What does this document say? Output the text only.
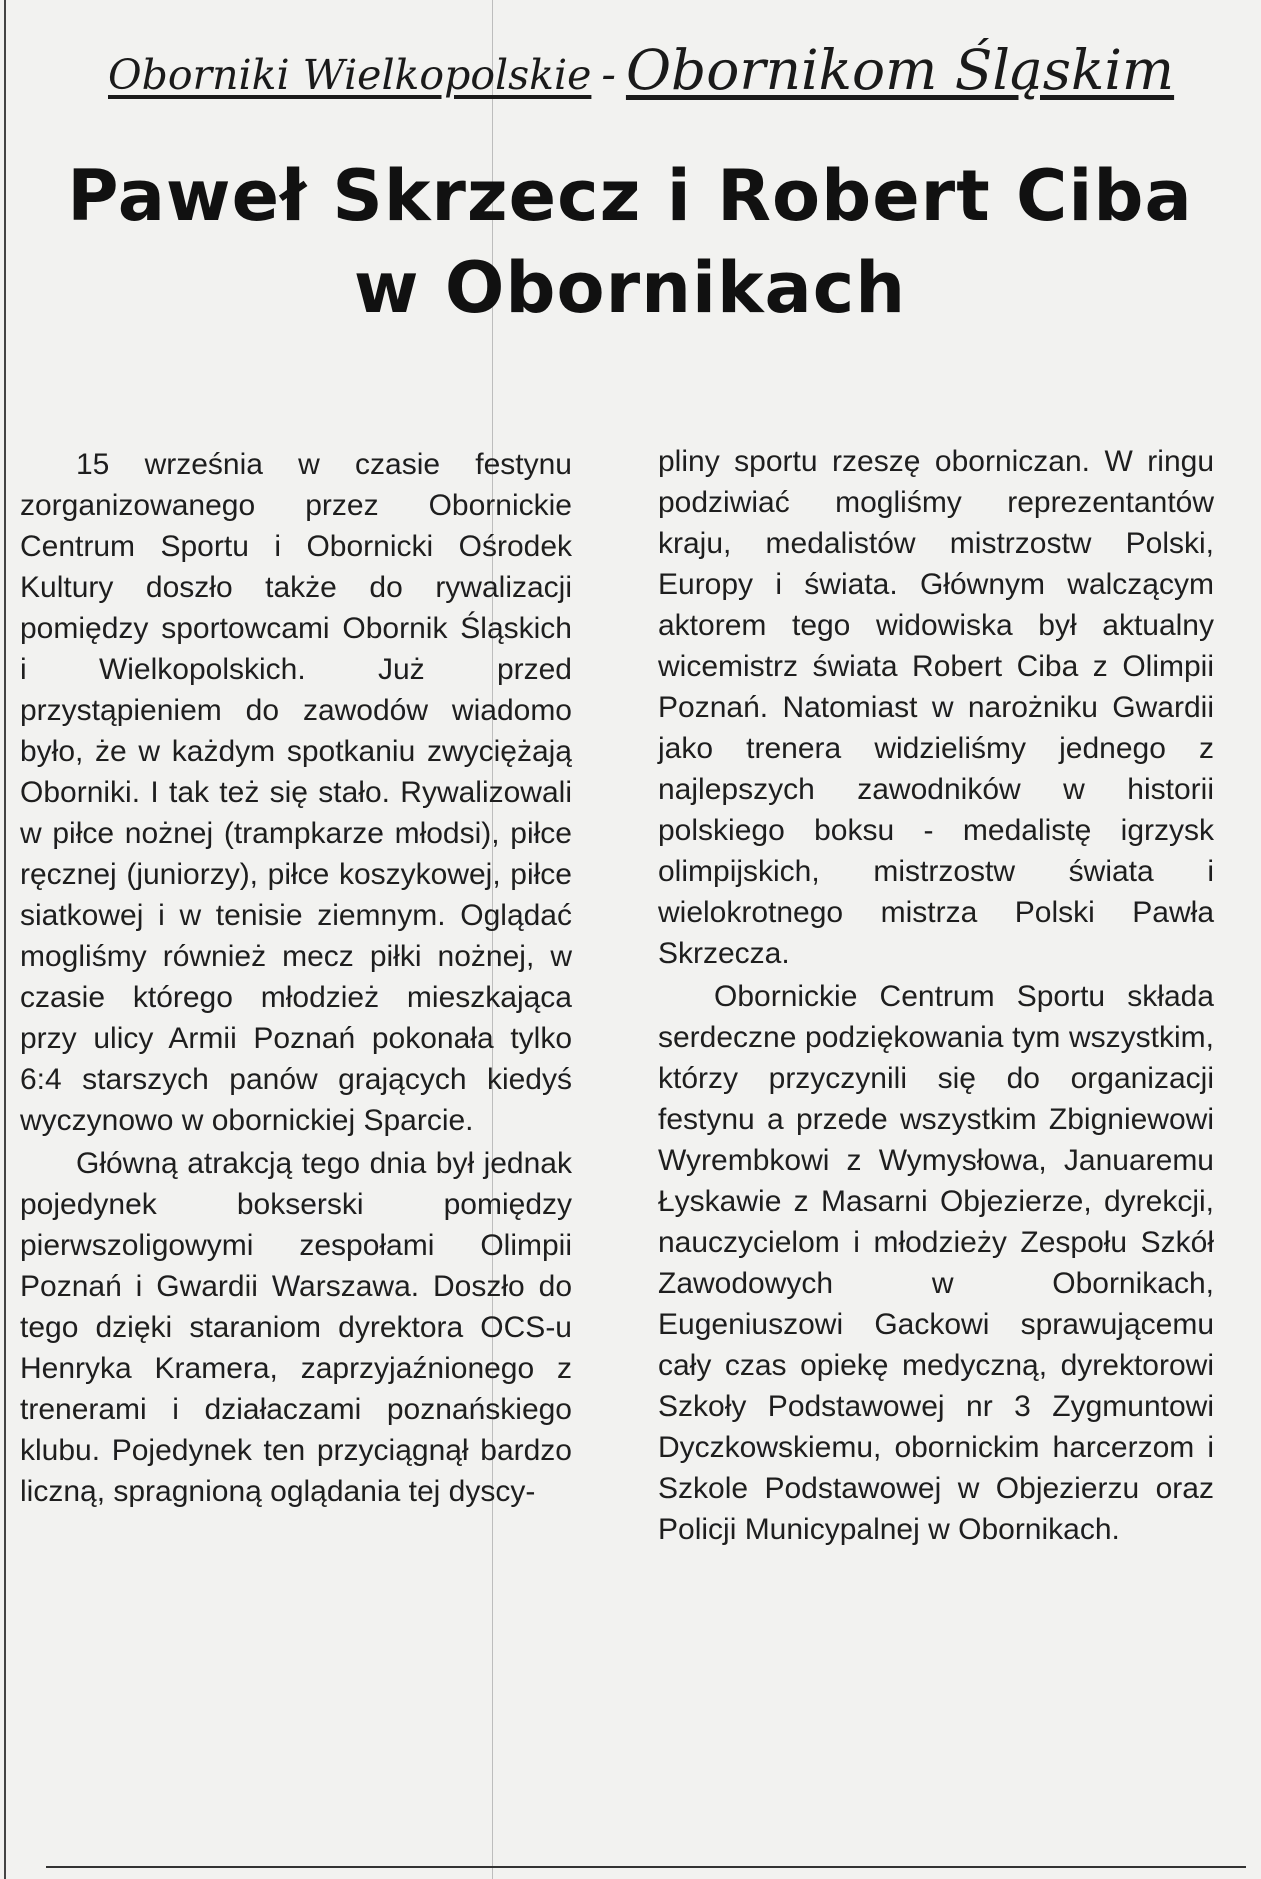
Oborniki Wielkopolskie - Obornikom Śląskim
Paweł Skrzecz i Robert Ciba
w Obornikach

15 września w czasie festynu zorganizowanego przez Obornickie Centrum Sportu i Obornicki Ośrodek Kultury doszło także do rywalizacji pomiędzy sportowcami Obornik Śląskich i Wielkopolskich. Już przed przystąpieniem do zawodów wiadomo było, że w każdym spotkaniu zwyciężają Oborniki. I tak też się stało. Rywalizowali w piłce nożnej (trampkarze młodsi), piłce ręcznej (juniorzy), piłce koszykowej, piłce siatkowej i w tenisie ziemnym. Oglądać mogliśmy również mecz piłki nożnej, w czasie którego młodzież mieszkająca przy ulicy Armii Poznań pokonała tylko 6:4 starszych panów grających kiedyś wyczynowo w obornickiej Sparcie.

Główną atrakcją tego dnia był jednak pojedynek bokserski pomiędzy pierwszoligowymi zespołami Olimpii Poznań i Gwardii Warszawa. Doszło do tego dzięki staraniom dyrektora OCS-u Henryka Kramera, zaprzyjaźnionego z trenerami i działaczami poznańskiego klubu. Pojedynek ten przyciągnął bardzo liczną, spragnioną oglądania tej dyscy-

pliny sportu rzeszę oborniczan. W ringu podziwiać mogliśmy reprezentantów kraju, medalistów mistrzostw Polski, Europy i świata. Głównym walczącym aktorem tego widowiska był aktualny wicemistrz świata Robert Ciba z Olimpii Poznań. Natomiast w narożniku Gwardii jako trenera widzieliśmy jednego z najlepszych zawodników w historii polskiego boksu - medalistę igrzysk olimpijskich, mistrzostw świata i wielokrotnego mistrza Polski Pawła Skrzecza.

Obornickie Centrum Sportu składa serdeczne podziękowania tym wszystkim, którzy przyczynili się do organizacji festynu a przede wszystkim Zbigniewowi Wyrembkowi z Wymysłowa, Januaremu Łyskawie z Masarni Objezierze, dyrekcji, nauczycielom i młodzieży Zespołu Szkół Zawodowych w Obornikach, Eugeniuszowi Gackowi sprawującemu cały czas opiekę medyczną, dyrektorowi Szkoły Podstawowej nr 3 Zygmuntowi Dyczkowskiemu, obornickim harcerzom i Szkole Podstawowej w Objezierzu oraz Policji Municypalnej w Obornikach.
